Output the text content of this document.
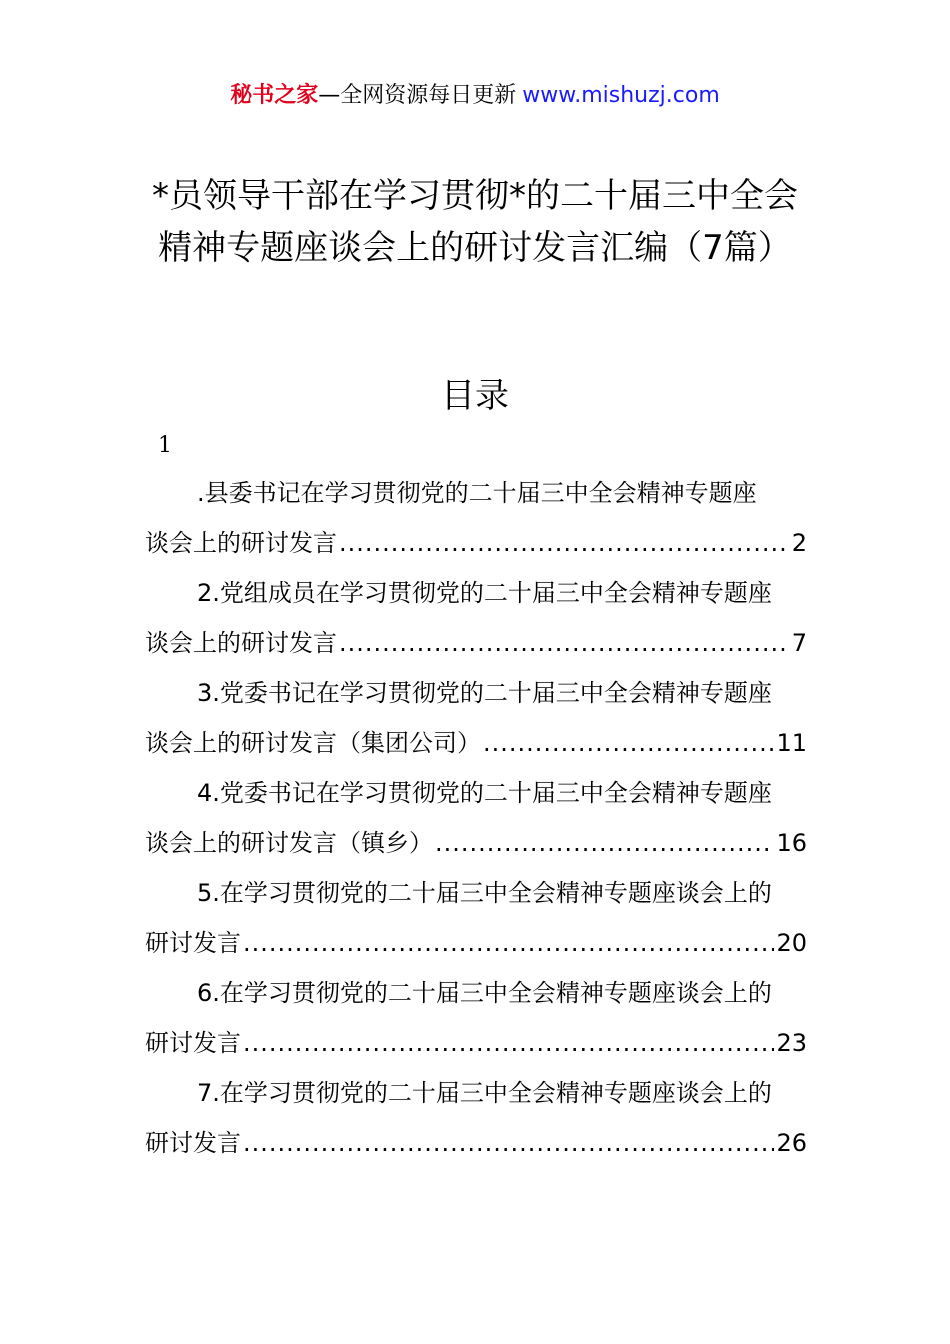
秘书之家—全网资源每日更新 www.mishuzj.com
*员领导干部在学习贯彻*的二十届三中全会精神专题座谈会上的研讨发言汇编（7篇）
目录
1
.县委书记在学习贯彻党的二十届三中全会精神专题座
谈会上的研讨发言 .....	2
2.党组成员在学习贯彻党的二十届三中全会精神专题座
谈会上的研讨发言 .....	7
3.党委书记在学习贯彻党的二十届三中全会精神专题座
谈会上的研讨发言（集团公司） .....	11
4.党委书记在学习贯彻党的二十届三中全会精神专题座
谈会上的研讨发言（镇乡） .....	16
5.在学习贯彻党的二十届三中全会精神专题座谈会上的
研讨发言 .....	20
6.在学习贯彻党的二十届三中全会精神专题座谈会上的
研讨发言 .....	23
7.在学习贯彻党的二十届三中全会精神专题座谈会上的
研讨发言 .....	26
